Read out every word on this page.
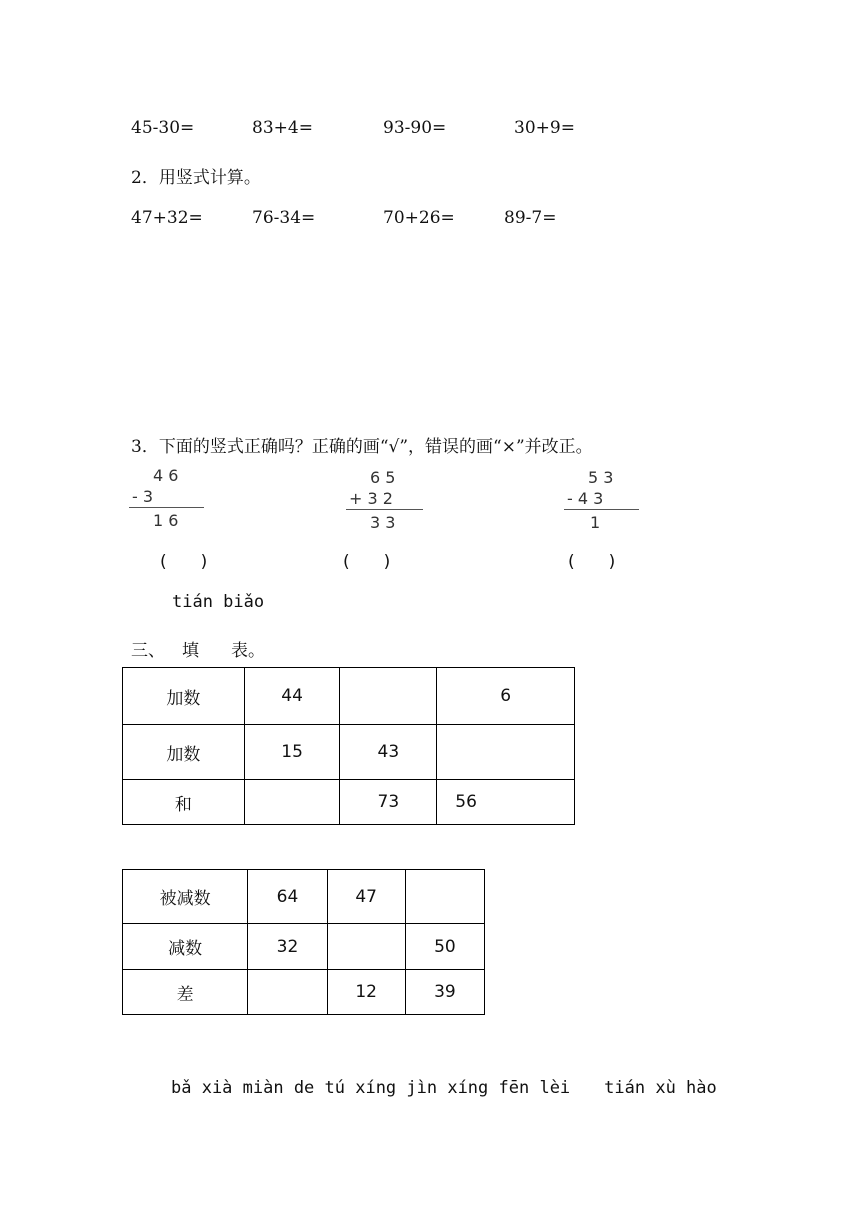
45-30=	83+4=	93-90=	30+9=
2．用竖式计算。
47+32=	76-34=	70+26=	89-7=
3．下面的竖式正确吗？正确的画“√”，错误的画“×”并改正。
4 6
- 3
1 6
6 5
+ 3 2
3 3
5 3
- 4 3
1
(　　)	(　　)	(　　)
tián biǎo
三、 填 表。
加数	44		6
加数	15	43	
和		73	56
被减数	64	47	
减数	32		50
差		12	39
bǎ xià miàn de tú xíng jìn xíng fēn lèi　　tián xù hào
